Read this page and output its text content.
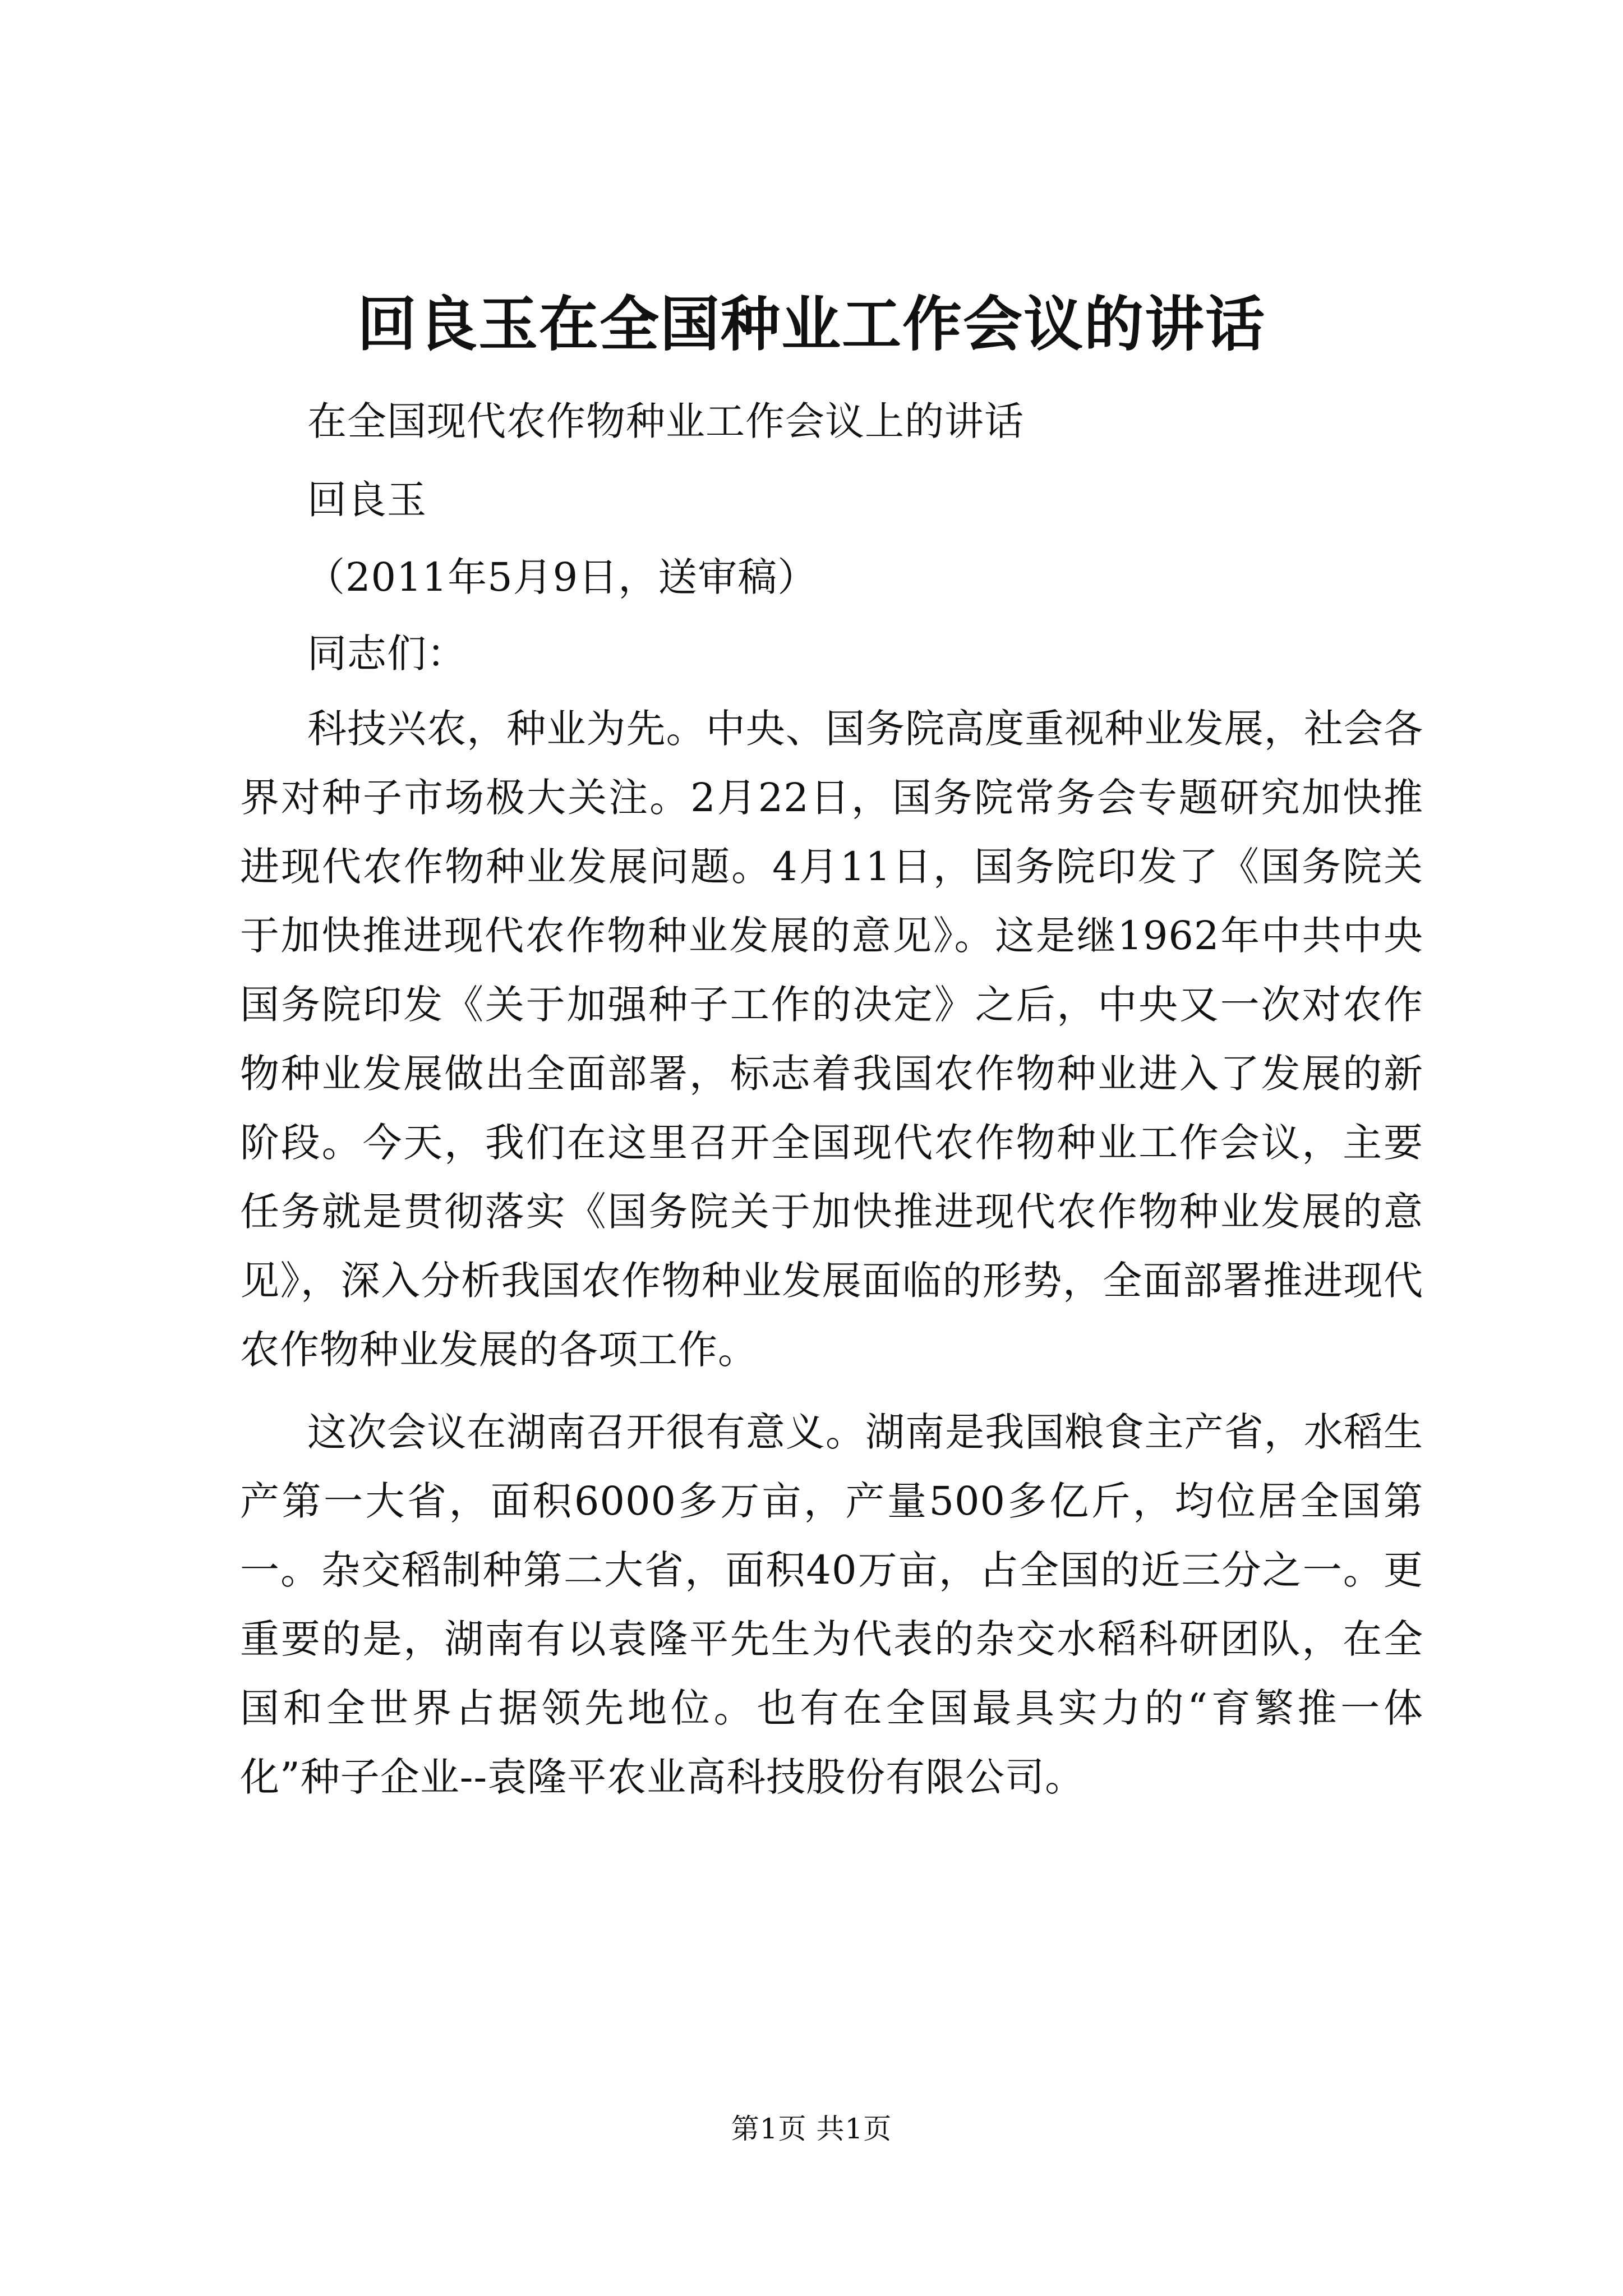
回良玉在全国种业工作会议的讲话
在全国现代农作物种业工作会议上的讲话
回良玉
（2011年5月9日，送审稿）
同志们：

科技兴农，种业为先。中央、国务院高度重视种业发展，社会各界对种子市场极大关注。2月22日，国务院常务会专题研究加快推进现代农作物种业发展问题。4月11日，国务院印发了《国务院关于加快推进现代农作物种业发展的意见》。这是继1962年中共中央国务院印发《关于加强种子工作的决定》之后，中央又一次对农作物种业发展做出全面部署，标志着我国农作物种业进入了发展的新阶段。今天，我们在这里召开全国现代农作物种业工作会议，主要任务就是贯彻落实《国务院关于加快推进现代农作物种业发展的意见》，深入分析我国农作物种业发展面临的形势，全面部署推进现代农作物种业发展的各项工作。

这次会议在湖南召开很有意义。湖南是我国粮食主产省，水稻生产第一大省，面积6000多万亩，产量500多亿斤，均位居全国第一。杂交稻制种第二大省，面积40万亩，占全国的近三分之一。更重要的是，湖南有以袁隆平先生为代表的杂交水稻科研团队，在全国和全世界占据领先地位。也有在全国最具实力的“育繁推一体化”种子企业--袁隆平农业高科技股份有限公司。

第1页 共1页
